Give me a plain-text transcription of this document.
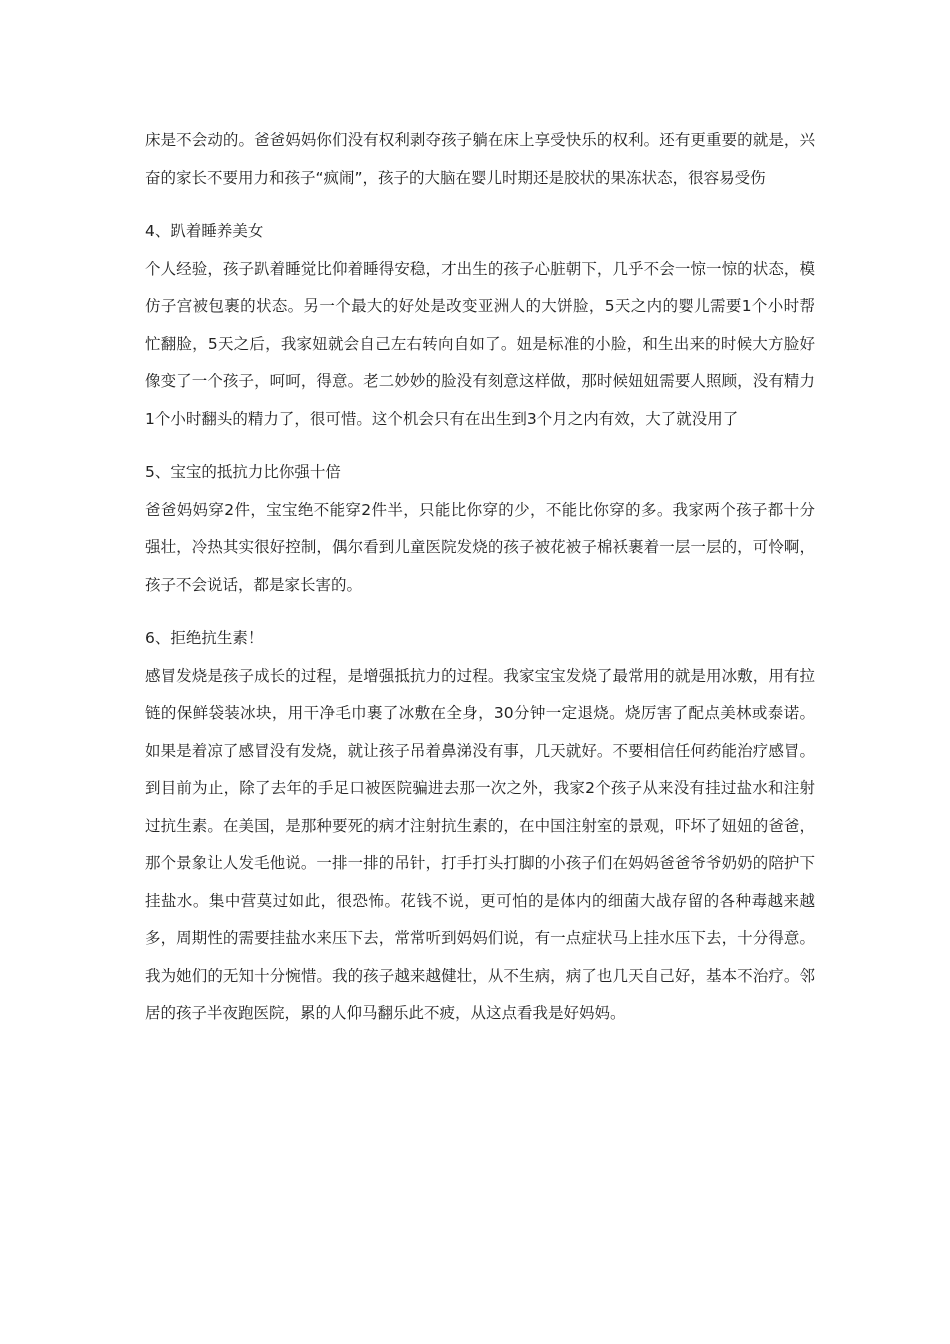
床是不会动的。爸爸妈妈你们没有权利剥夺孩子躺在床上享受快乐的权利。还有更重要的就是，兴奋的家长不要用力和孩子“疯闹”，孩子的大脑在婴儿时期还是胶状的果冻状态，很容易受伤

4、趴着睡养美女

个人经验，孩子趴着睡觉比仰着睡得安稳，才出生的孩子心脏朝下，几乎不会一惊一惊的状态，模仿子宫被包裹的状态。另一个最大的好处是改变亚洲人的大饼脸，5天之内的婴儿需要1个小时帮忙翻脸，5天之后，我家妞就会自己左右转向自如了。妞是标准的小脸，和生出来的时候大方脸好像变了一个孩子，呵呵，得意。老二妙妙的脸没有刻意这样做，那时候妞妞需要人照顾，没有精力1个小时翻头的精力了，很可惜。这个机会只有在出生到3个月之内有效，大了就没用了

5、宝宝的抵抗力比你强十倍

爸爸妈妈穿2件，宝宝绝不能穿2件半，只能比你穿的少，不能比你穿的多。我家两个孩子都十分强壮，冷热其实很好控制，偶尔看到儿童医院发烧的孩子被花被子棉袄裹着一层一层的，可怜啊，孩子不会说话，都是家长害的。

6、拒绝抗生素！

感冒发烧是孩子成长的过程，是增强抵抗力的过程。我家宝宝发烧了最常用的就是用冰敷，用有拉链的保鲜袋装冰块，用干净毛巾裹了冰敷在全身，30分钟一定退烧。烧厉害了配点美林或泰诺。如果是着凉了感冒没有发烧，就让孩子吊着鼻涕没有事，几天就好。不要相信任何药能治疗感冒。到目前为止，除了去年的手足口被医院骗进去那一次之外，我家2个孩子从来没有挂过盐水和注射过抗生素。在美国，是那种要死的病才注射抗生素的，在中国注射室的景观，吓坏了妞妞的爸爸，那个景象让人发毛他说。一排一排的吊针，打手打头打脚的小孩子们在妈妈爸爸爷爷奶奶的陪护下挂盐水。集中营莫过如此，很恐怖。花钱不说，更可怕的是体内的细菌大战存留的各种毒越来越多，周期性的需要挂盐水来压下去，常常听到妈妈们说，有一点症状马上挂水压下去，十分得意。我为她们的无知十分惋惜。我的孩子越来越健壮，从不生病，病了也几天自己好，基本不治疗。邻居的孩子半夜跑医院，累的人仰马翻乐此不疲，从这点看我是好妈妈。
